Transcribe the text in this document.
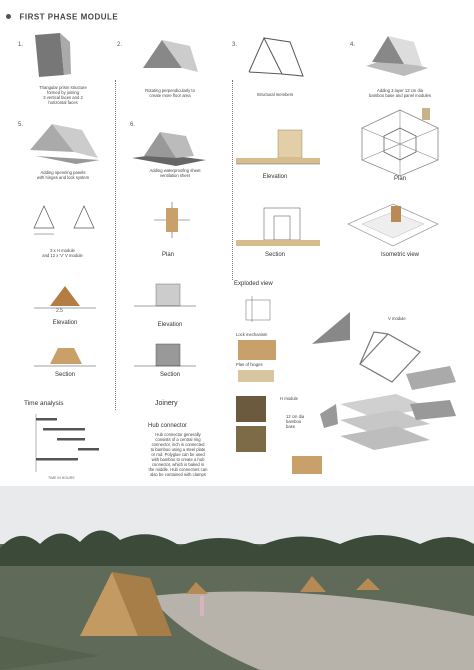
FIRST PHASE MODULE
1.	2.	3.	4.
5.	6.
Triangular prism structure
formed by joining
3 vertical faces and 2
horizontal faces
Rotating perpendicularly to
create more floor area	Structural members
Adding 3 layer 12 cm dia
bamboo base and panel modules
Adding openning panels
with hinges and lock system
Adding waterproofing sheet
ventilation sheet
Plan
Elevation
Section	Isometric view
3 x H module
and 12 x 'V' V module	Plan
2.5
Elevation
Section
Elevation
Section
Exploded view
Lock mechanism
Plan of hinges
H module
12 cm dia
bamboo
base
V module
Time analysis
TIME IN HOURS
Joinery
Hub connector
Hub connector generally
consists of a central ring
connector, inch is connected
to bamboo using a steel plate
or rod. Polyglue can be used
with bamboo to create a hub
connector, which is baked in
the middle. Hub connectors can
also be contained with clamps
